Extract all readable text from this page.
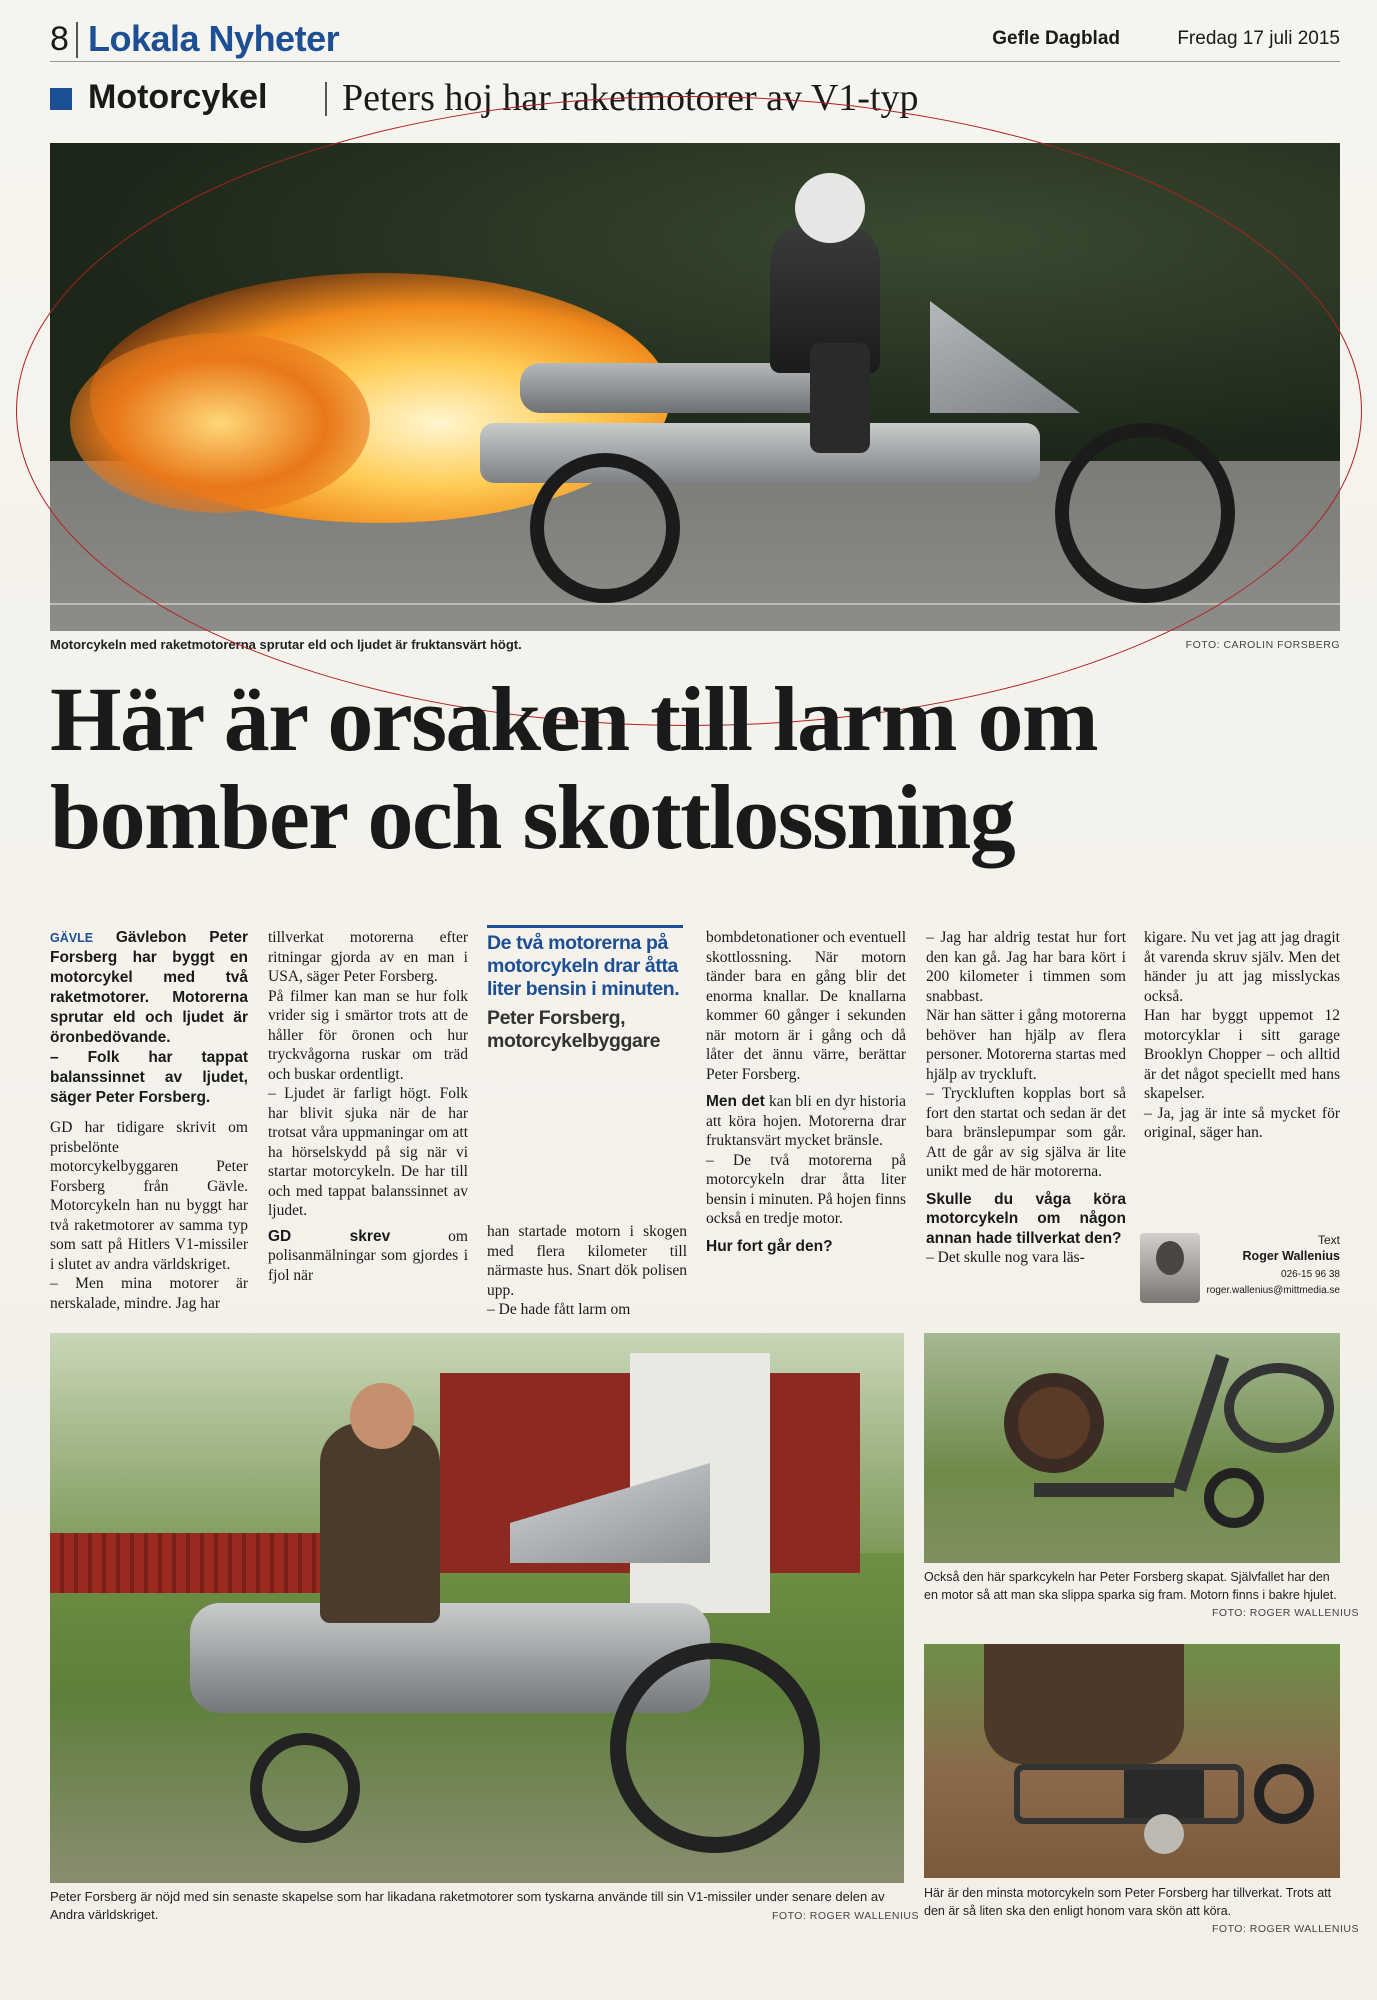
8 Lokala Nyheter	Gefle Dagblad	Fredag 17 juli 2015
Motorcykel Peters hoj har raketmotorer av V1-typ
Motorcykeln med raketmotorerna sprutar eld och ljudet är fruktansvärt högt.	FOTO: CAROLIN FORSBERG
Här är orsaken till larm om
bomber och skottlossning

GÄVLE Gävlebon Peter Forsberg har byggt en motorcykel med två raketmotorer. Motorerna sprutar eld och ljudet är öronbedövande.

– Folk har tappat balanssinnet av ljudet, säger Peter Forsberg.

GD har tidigare skrivit om prisbelönte motorcykelbyggaren Peter Forsberg från Gävle. Motorcykeln han nu byggt har två raketmotorer av samma typ som satt på Hitlers V1-missiler i slutet av andra världskriget.

– Men mina motorer är nerskalade, mindre. Jag har

tillverkat motorerna efter ritningar gjorda av en man i USA, säger Peter Forsberg.

På filmer kan man se hur folk vrider sig i smärtor trots att de håller för öronen och hur tryckvågorna ruskar om träd och buskar ordentligt.

– Ljudet är farligt högt. Folk har blivit sjuka när de har trotsat våra uppmaningar om att ha hörselskydd på sig när vi startar motorcykeln. De har till och med tappat balanssinnet av ljudet.

GD skrev om polisanmälningar som gjordes i fjol när

De två motorerna på motorcykeln drar åtta liter bensin i minuten.
Peter Forsberg, motorcykelbyggare

han startade motorn i skogen med flera kilometer till närmaste hus. Snart dök polisen upp.

– De hade fått larm om

bombdetonationer och eventuell skottlossning. När motorn tänder bara en gång blir det enorma knallar. De knallarna kommer 60 gånger i sekunden när motorn är i gång och då låter det ännu värre, berättar Peter Forsberg.

Men det kan bli en dyr historia att köra hojen. Motorerna drar fruktansvärt mycket bränsle.

– De två motorerna på motorcykeln drar åtta liter bensin i minuten. På hojen finns också en tredje motor.

Hur fort går den?

– Jag har aldrig testat hur fort den kan gå. Jag har bara kört i 200 kilometer i timmen som snabbast.

När han sätter i gång motorerna behöver han hjälp av flera personer. Motorerna startas med hjälp av tryckluft.

– Tryckluften kopplas bort så fort den startat och sedan är det bara bränslepumpar som går. Att de går av sig själva är lite unikt med de här motorerna.

Skulle du våga köra motorcykeln om någon annan hade tillverkat den?

– Det skulle nog vara läs-

kigare. Nu vet jag att jag dragit åt varenda skruv själv. Men det händer ju att jag misslyckas också.

Han har byggt uppemot 12 motorcyklar i sitt garage Brooklyn Chopper – och alltid är det något speciellt med hans skapelser.

– Ja, jag är inte så mycket för original, säger han.

Text
Roger Wallenius
026-15 96 38
roger.wallenius@mittmedia.se
Peter Forsberg är nöjd med sin senaste skapelse som har likadana raketmotorer som tyskarna använde till sin V1-missiler under senare delen av Andra världskriget.	FOTO: ROGER WALLENIUS
Också den här sparkcykeln har Peter Forsberg skapat. Självfallet har den en motor så att man ska slippa sparka sig fram. Motorn finns i bakre hjulet.
FOTO: ROGER WALLENIUS
Här är den minsta motorcykeln som Peter Forsberg har tillverkat. Trots att den är så liten ska den enligt honom vara skön att köra.
FOTO: ROGER WALLENIUS
